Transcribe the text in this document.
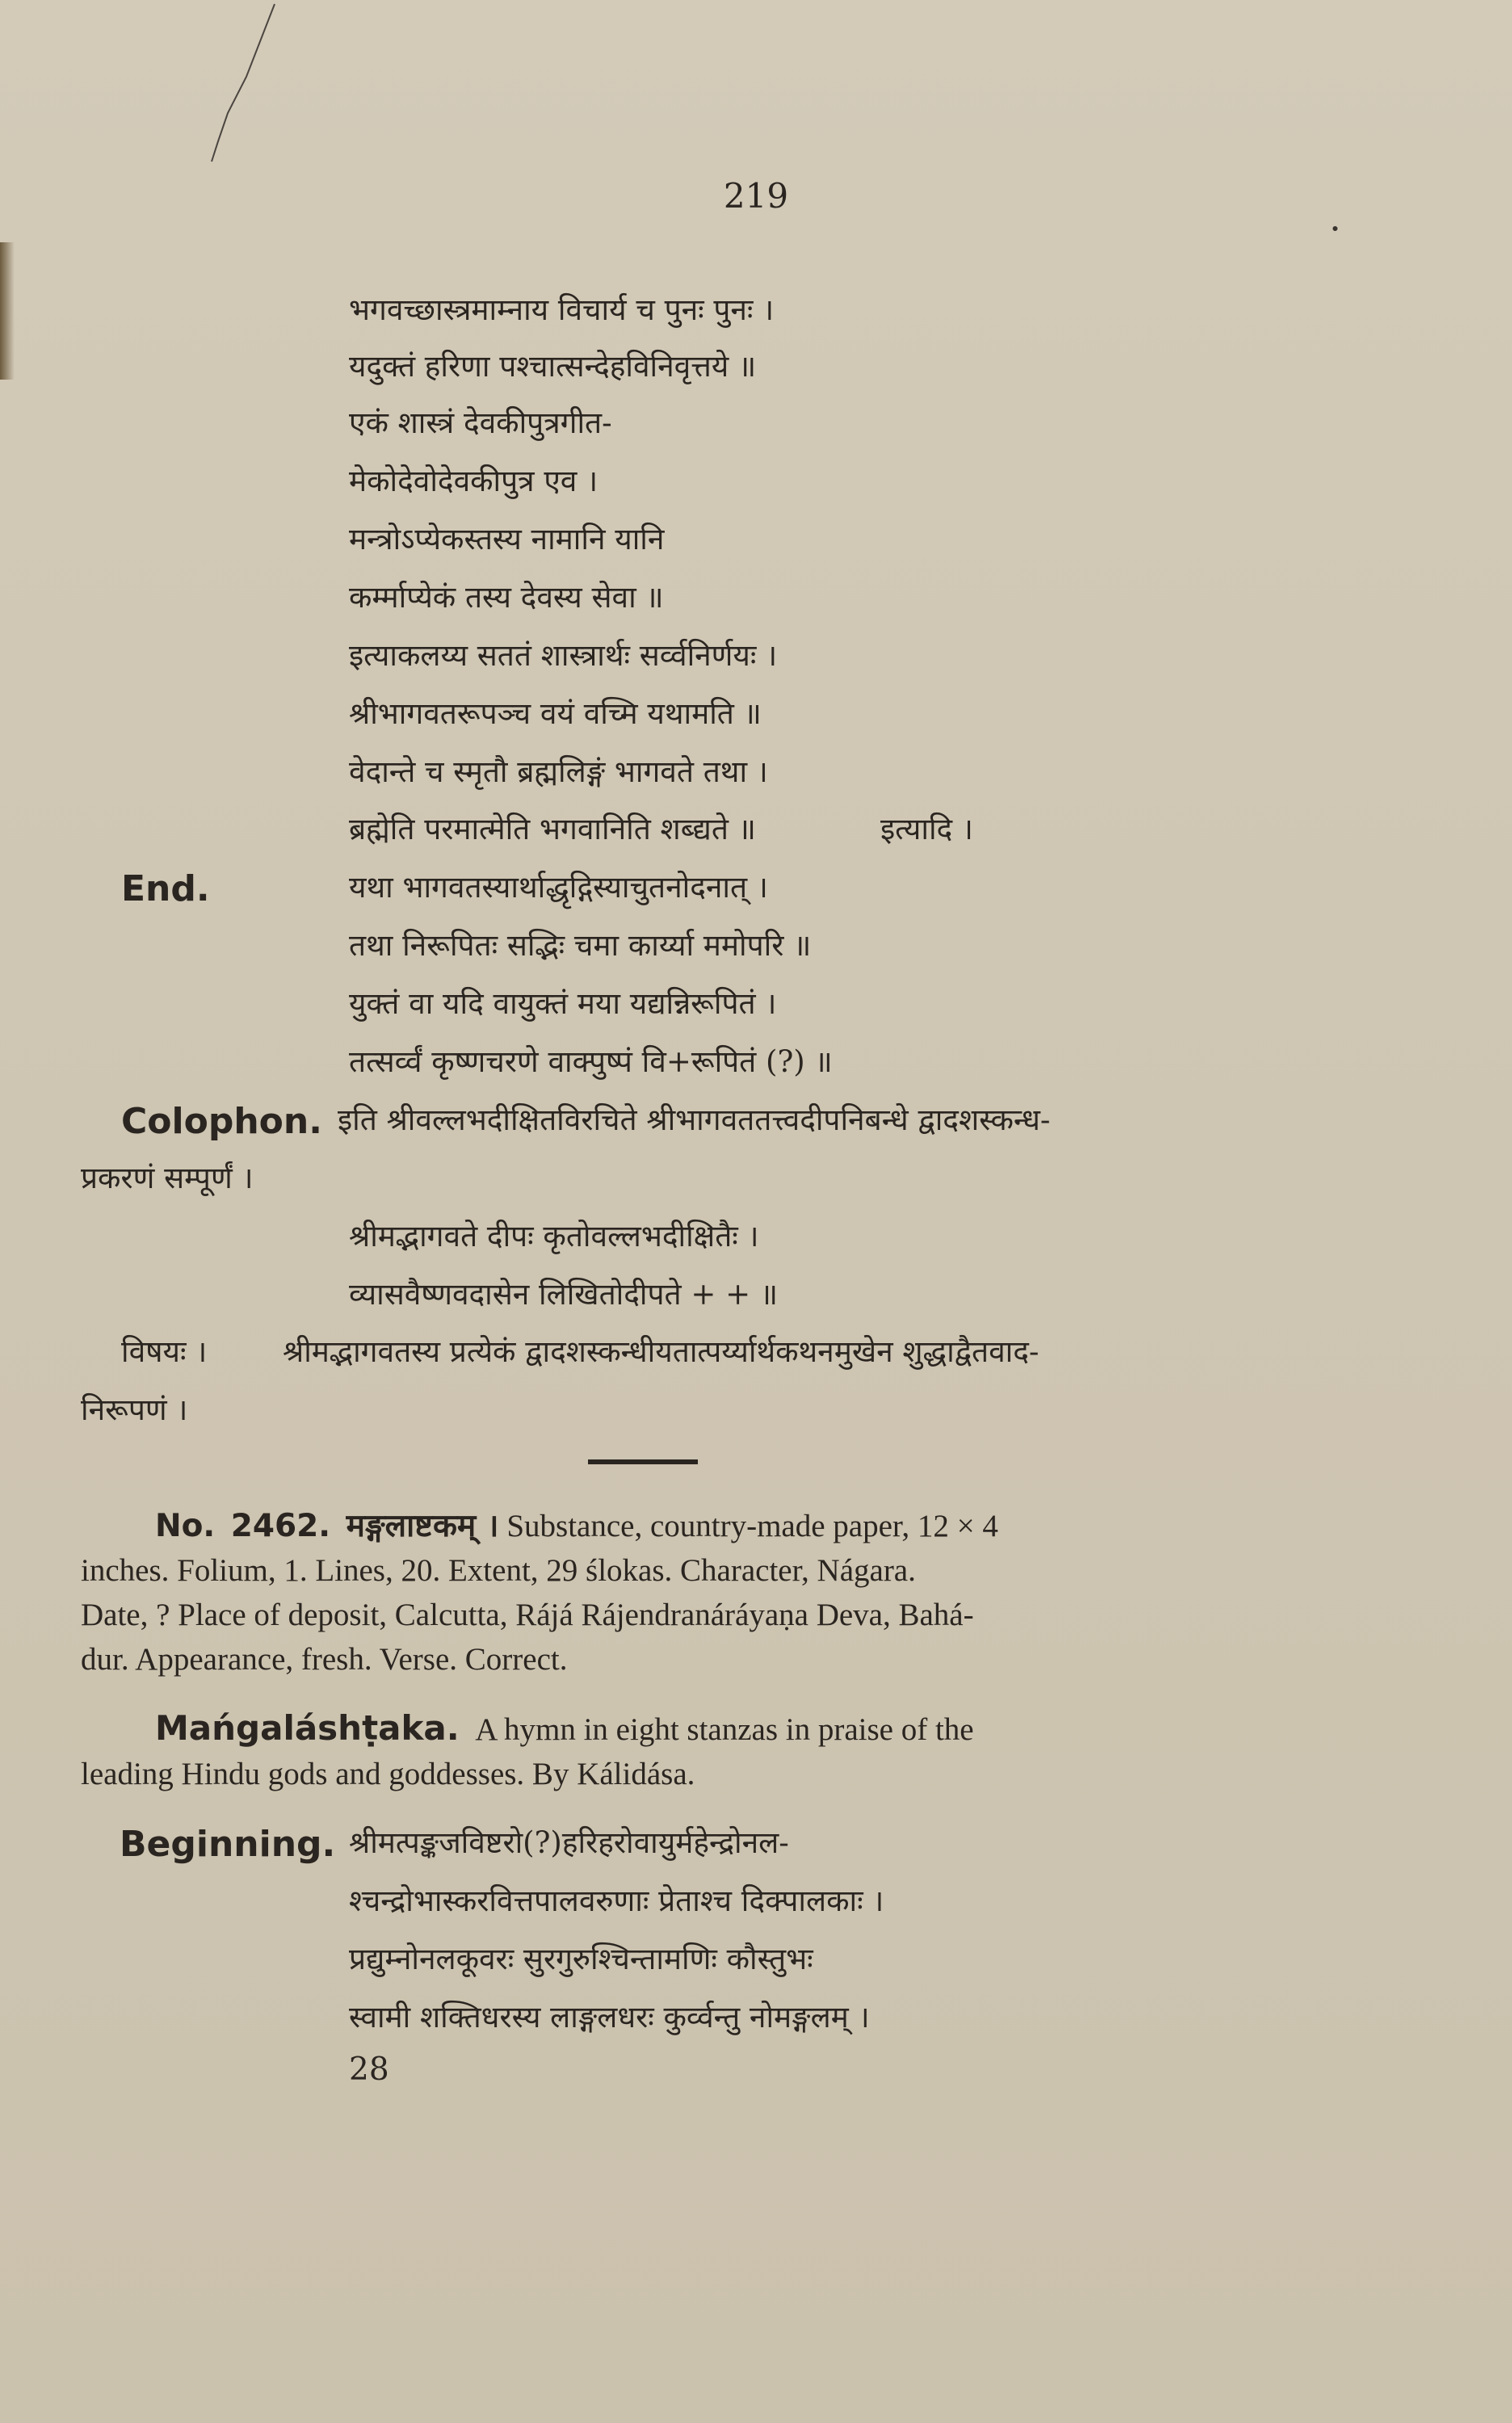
219
भगवच्छास्त्रमाम्नाय विचार्य च पुनः पुनः ।
यदुक्तं हरिणा पश्चात्सन्देहविनिवृत्तये ॥
एकं शास्त्रं देवकीपुत्रगीत-
मेकोदेवोदेवकीपुत्र एव ।
मन्त्रोऽप्येकस्तस्य नामानि यानि
कर्म्माप्येकं तस्य देवस्य सेवा ॥
इत्याकलय्य सततं शास्त्रार्थः सर्व्वनिर्णयः ।
श्रीभागवतरूपञ्च वयं वच्मि यथामति ॥
वेदान्ते च स्मृतौ ब्रह्मलिङ्गं भागवते तथा ।
ब्रह्मेति परमात्मेति भगवानिति शब्द्यते ॥	इत्यादि ।
End.	यथा भागवतस्यार्थाद्धृद्गिस्याचुतनोदनात् ।
तथा निरूपितः सद्भिः चमा कार्य्या ममोपरि ॥
युक्तं वा यदि वायुक्तं मया यद्यन्निरूपितं ।
तत्सर्व्वं कृष्णचरणे वाक्पुष्पं वि+रूपितं (?) ॥
Colophon. इति श्रीवल्लभदीक्षितविरचिते श्रीभागवततत्त्वदीपनिबन्धे द्वादशस्कन्ध-
प्रकरणं सम्पूर्णं ।
श्रीमद्भागवते दीपः कृतोवल्लभदीक्षितैः ।
व्यासवैष्णवदासेन लिखितोदीपते + + ॥
विषयः ।	श्रीमद्भागवतस्य प्रत्येकं द्वादशस्कन्धीयतात्पर्य्यार्थकथनमुखेन शुद्धाद्वैतवाद-
निरूपणं ।
No. 2462. मङ्गलाष्टकम् । Substance, country-made paper, 12 × 4
inches. Folium, 1. Lines, 20. Extent, 29 ślokas. Character, Nágara.
Date, ? Place of deposit, Calcutta, Rájá Rájendranáráyaṇa Deva, Bahá-
dur. Appearance, fresh. Verse. Correct.
Mańgaláshṭaka. A hymn in eight stanzas in praise of the
leading Hindu gods and goddesses. By Kálidása.
Beginning. श्रीमत्पङ्कजविष्टरो(?)हरिहरोवायुर्महेन्द्रोनल-
श्चन्द्रोभास्करवित्तपालवरुणाः प्रेताश्च दिक्पालकाः ।
प्रद्युम्नोनलकूवरः सुरगुरुश्चिन्तामणिः कौस्तुभः
स्वामी शक्तिधरस्य लाङ्गलधरः कुर्व्वन्तु नोमङ्गलम् ।
28
